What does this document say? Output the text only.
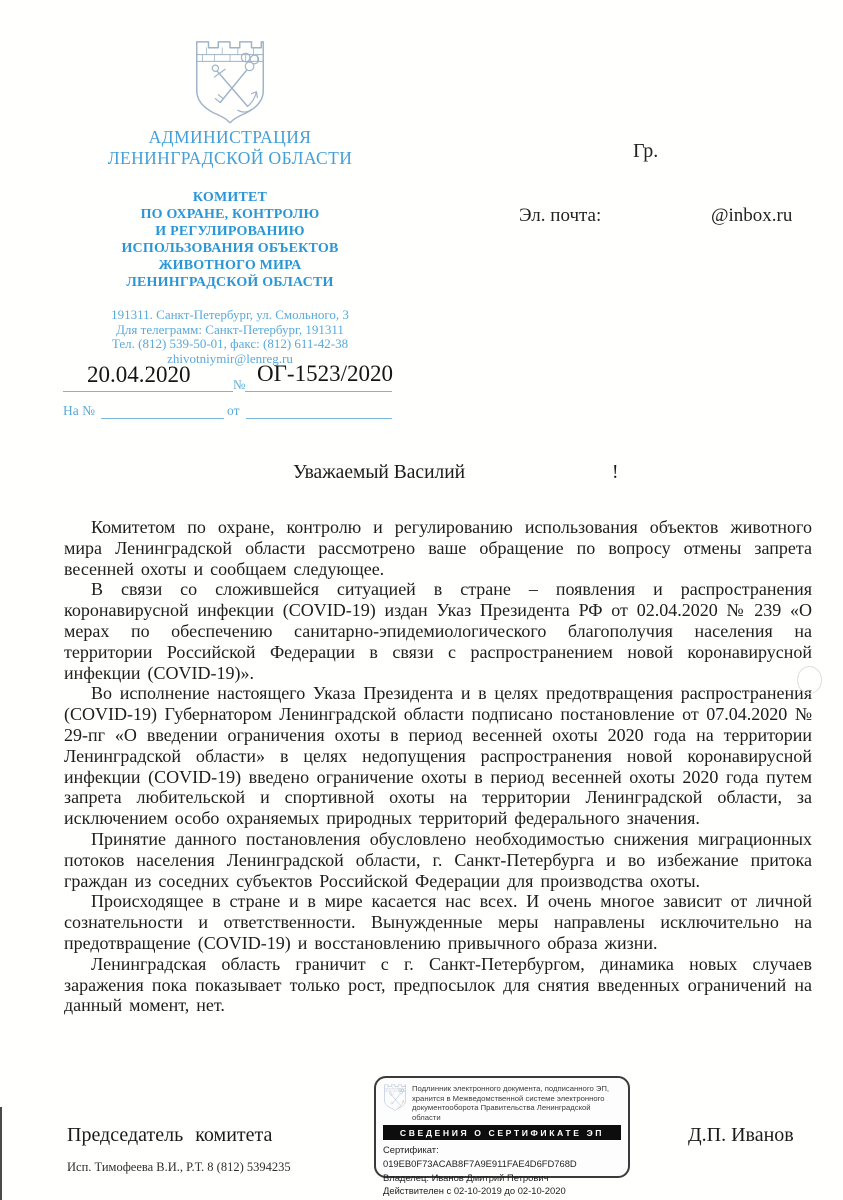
АДМИНИСТРАЦИЯ
ЛЕНИНГРАДСКОЙ ОБЛАСТИ
КОМИТЕТ
ПО ОХРАНЕ, КОНТРОЛЮ
И РЕГУЛИРОВАНИЮ
ИСПОЛЬЗОВАНИЯ ОБЪЕКТОВ
ЖИВОТНОГО МИРА
ЛЕНИНГРАДСКОЙ ОБЛАСТИ
191311. Санкт-Петербург, ул. Смольного, 3
Для телеграмм: Санкт-Петербург, 191311
Тел. (812) 539-50-01, факс: (812) 611-42-38
zhivotniymir@lenreg.ru
20.04.2020	№ ОГ-1523/2020
На №	от
Гр.
Эл. почта:	@inbox.ru
Уважаемый Василий	!

Комитетом по охране, контролю и регулированию использования объектов животного мира Ленинградской области рассмотрено ваше обращение по вопросу отмены запрета весенней охоты и сообщаем следующее.

В связи со сложившейся ситуацией в стране – появления и распространения коронавирусной инфекции (COVID-19) издан Указ Президента РФ от 02.04.2020 № 239 «О мерах по обеспечению санитарно-эпидемиологического благополучия населения на территории Российской Федерации в связи с распространением новой коронавирусной инфекции (COVID-19)».

Во исполнение настоящего Указа Президента и в целях предотвращения распространения (COVID-19) Губернатором Ленинградской области подписано постановление от 07.04.2020 № 29-пг «О введении ограничения охоты в период весенней охоты 2020 года на территории Ленинградской области» в целях недопущения распространения новой коронавирусной инфекции (COVID-19) введено ограничение охоты в период весенней охоты 2020 года путем запрета любительской и спортивной охоты на территории Ленинградской области, за исключением особо охраняемых природных территорий федерального значения.

Принятие данного постановления обусловлено необходимостью снижения миграционных потоков населения Ленинградской области, г. Санкт-Петербурга и во избежание притока граждан из соседних субъектов Российской Федерации для производства охоты.

Происходящее в стране и в мире касается нас всех. И очень многое зависит от личной сознательности и ответственности. Вынужденные меры направлены исключительно на предотвращение (COVID-19) и восстановлению привычного образа жизни.

Ленинградская область граничит с г. Санкт-Петербургом, динамика новых случаев заражения пока показывает только рост, предпосылок для снятия введенных ограничений на данный момент, нет.

Подлинник электронного документа, подписанного ЭП,
хранится в Межведомственной системе электронного
документооборота Правительства Ленинградской области
СВЕДЕНИЯ О СЕРТИФИКАТЕ ЭП
Сертификат: 019EB0F73ACAB8F7A9E911FAE4D6FD768D
Владелец: Иванов Дмитрий Петрович
Действителен с 02-10-2019 до 02-10-2020
Председатель комитета	Д.П. Иванов
Исп. Тимофеева В.И., Р.Т. 8 (812) 5394235
